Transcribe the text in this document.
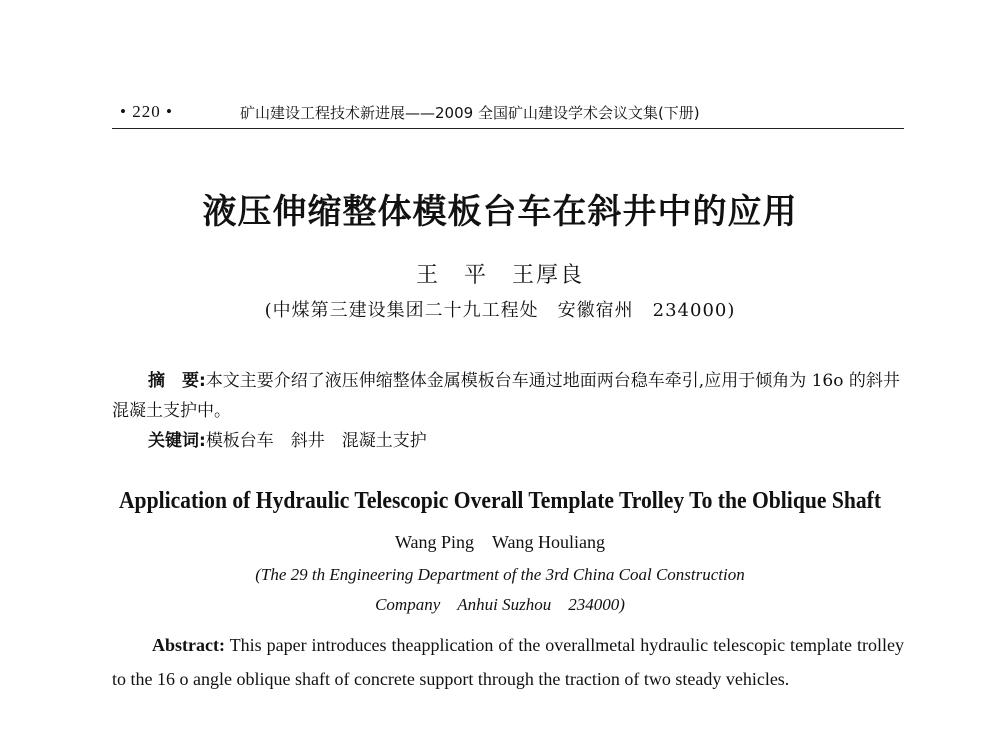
• 220 •	矿山建设工程技术新进展——2009 全国矿山建设学术会议文集(下册)
液压伸缩整体模板台车在斜井中的应用
王　平　王厚良
(中煤第三建设集团二十九工程处　安徽宿州　234000)
摘　要:本文主要介绍了液压伸缩整体金属模板台车通过地面两台稳车牵引,应用于倾角为 16o 的斜井混凝土支护中。
关键词:模板台车　斜井　混凝土支护
Application of Hydraulic Telescopic Overall Template Trolley To the Oblique Shaft
Wang Ping　Wang Houliang
(The 29 th Engineering Department of the 3rd China Coal Construction
Company　Anhui Suzhou　234000)
Abstract: This paper introduces theapplication of the overallmetal hydraulic telescopic template trolley to the 16 o angle oblique shaft of concrete support through the traction of two steady vehicles.
